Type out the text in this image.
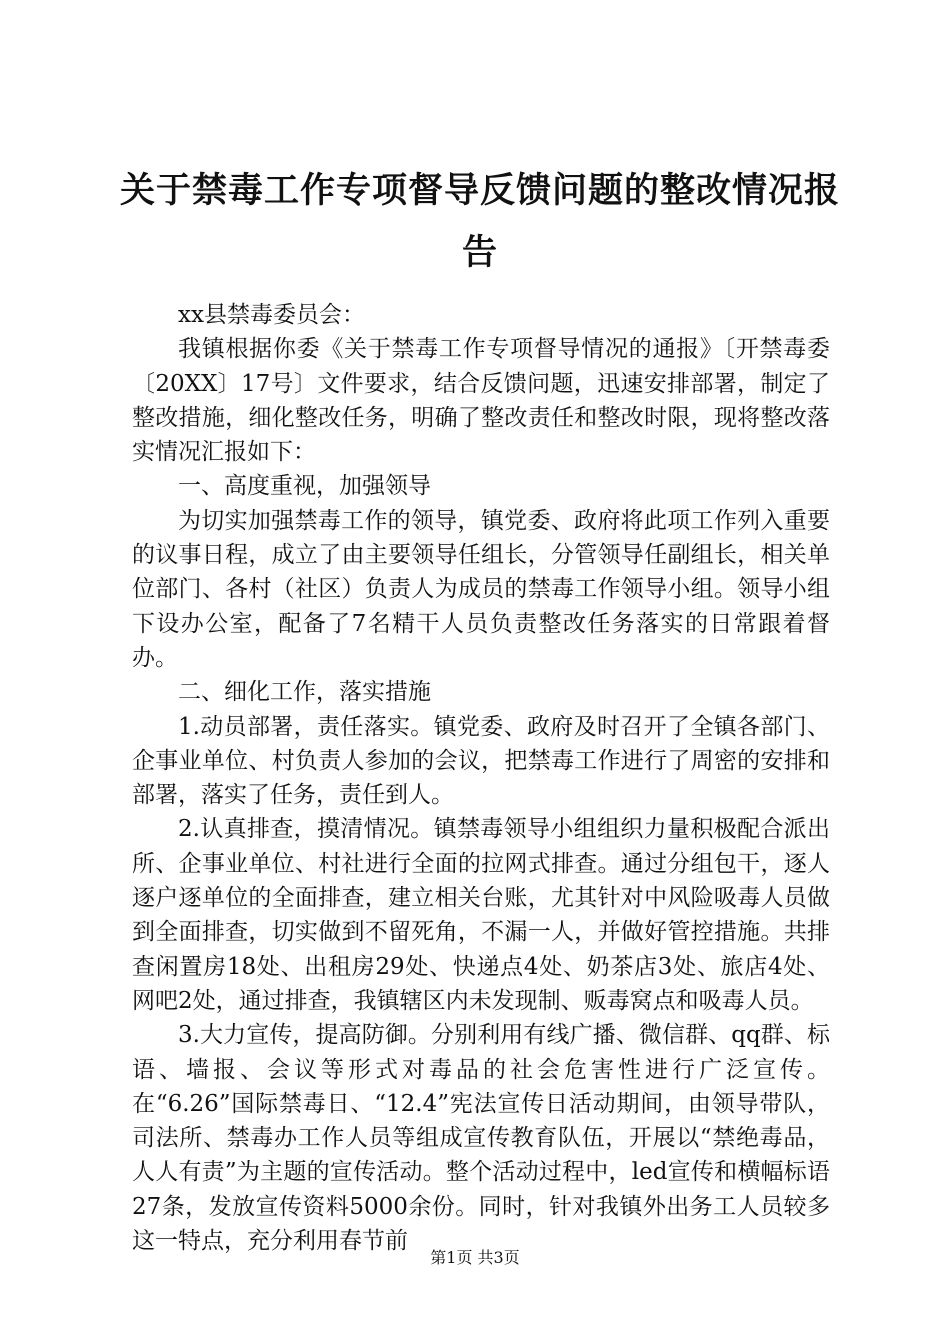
关于禁毒工作专项督导反馈问题的整改情况报告

xx县禁毒委员会：

我镇根据你委《关于禁毒工作专项督导情况的通报》〔开禁毒委〔20XX〕17号〕文件要求，结合反馈问题，迅速安排部署，制定了整改措施，细化整改任务，明确了整改责任和整改时限，现将整改落实情况汇报如下：

一、高度重视，加强领导

为切实加强禁毒工作的领导，镇党委、政府将此项工作列入重要的议事日程，成立了由主要领导任组长，分管领导任副组长，相关单位部门、各村（社区）负责人为成员的禁毒工作领导小组。领导小组下设办公室，配备了7名精干人员负责整改任务落实的日常跟着督办。

二、细化工作，落实措施

1.动员部署，责任落实。镇党委、政府及时召开了全镇各部门、企事业单位、村负责人参加的会议，把禁毒工作进行了周密的安排和部署，落实了任务，责任到人。

2.认真排查，摸清情况。镇禁毒领导小组组织力量积极配合派出所、企事业单位、村社进行全面的拉网式排查。通过分组包干，逐人逐户逐单位的全面排查，建立相关台账，尤其针对中风险吸毒人员做到全面排查，切实做到不留死角，不漏一人，并做好管控措施。共排查闲置房18处、出租房29处、快递点4处、奶茶店3处、旅店4处、网吧2处，通过排查，我镇辖区内未发现制、贩毒窝点和吸毒人员。

3.大力宣传，提高防御。分别利用有线广播、微信群、qq群、标语、墙报、会议等形式对毒品的社会危害性进行广泛宣传。在“6.26”国际禁毒日、“12.4”宪法宣传日活动期间，由领导带队，司法所、禁毒办工作人员等组成宣传教育队伍，开展以“禁绝毒品，人人有责”为主题的宣传活动。整个活动过程中，led宣传和横幅标语27条，发放宣传资料5000余份。同时，针对我镇外出务工人员较多这一特点，充分利用春节前

第1页 共3页
